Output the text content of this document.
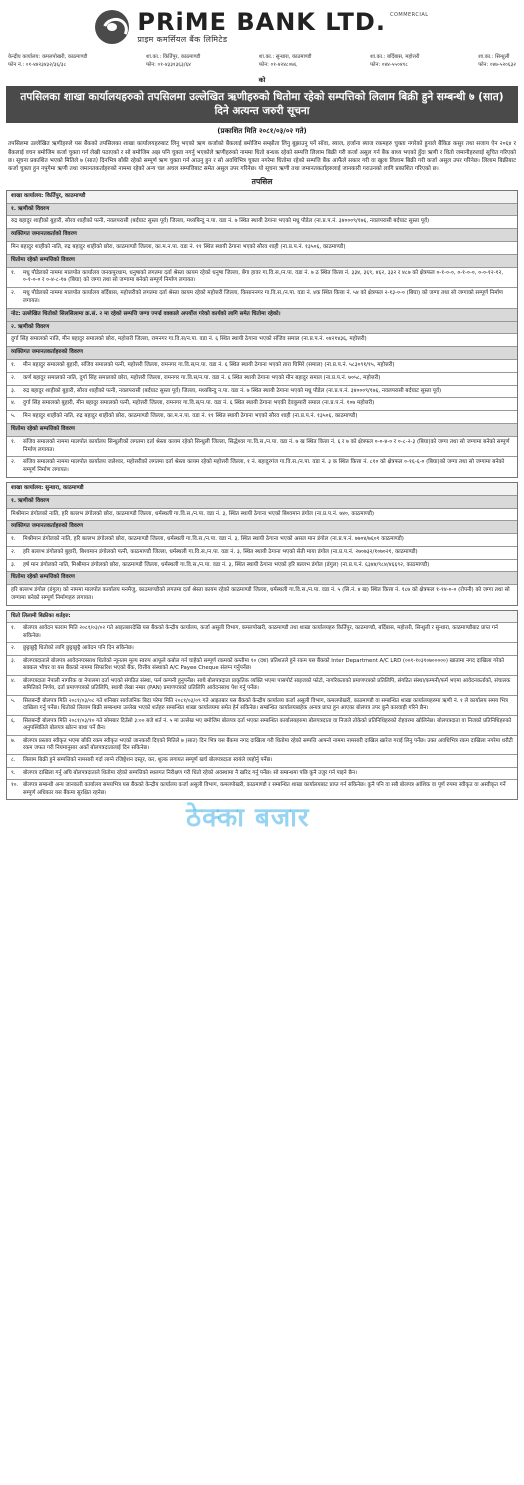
PRiME BANK LTD. COMMERCIAL
प्राइम कमर्सियल बैंक लिमिटेड
केन्द्रीय कार्यालय: कमलपोखरी, काठमाण्डौ
फोन नं.: ०१-४४२३४३२/३६/३८
शा.का.: किर्तिपुर, काठमाण्डौ
फोन: ०१-४३३१३६३/६४
शा.का.: सुन्धारा, काठमाण्डौ
फोन: ०१-४२४८०७६
शा.का.: बर्दिबास, महोत्तरी
फोन: ०४४-५५०४९८
शा.का.: सिन्धुली
फोन: ०४७-५२०६३२
को
तपसिलका शाखा कार्यालयहरुको तपसिलमा उल्लेखित ऋणीहरुको धितोमा रहेको सम्पत्तिको लिलाम बिक्री हुने सम्बन्धी ७ (सात) दिने अत्यन्त जरुरी सूचना
(प्रकाशित मिति २०८१/०३/०२ गते)
तपसिलमा उल्लेखित ऋणीहरुले यस बैंकको तपसिलका शाखा कार्यालयहरुबाट लिनु भएको ऋण कर्जाको बैंकलाई बमोजिम सम्झौता लिनु बुझाउनु पर्ने सॉवा, ब्याज, हर्जाना ब्याज रकमहरु चुक्ता नगरेको हुनाले बैंकिङ कसुर तथा सजाय ऐन २०६४ र बैंकलाई वचन बमोजिम कर्जा चुक्ता गर्न लेखी पठाएको र सो बमोजिम अझ पनि चुक्ता नगर्नु भएकोले ऋणीहरुको नाममा धितो बन्धक रहेको सम्पत्ति लिलाम बिक्री गरी कर्जा असुल गर्न बैंक बाध्य भएको हुँदा ऋणी र धितो जमानीहरुलाई सूचित गरिएको छ। सूचना प्रकाशित भएको मितिले ७ (सात) दिनभित्र बाँकी रहेको सम्पूर्ण ऋण चुक्ता गर्न आउनु हुन र सो अवधिभित्र चुक्ता नगरेमा धितोमा रहेको सम्पत्ति बैंक आफैंले सकार गरी वा खुला लिलाम बिक्री गरी कर्जा असुल उपर गरिनेछ। लिलाम बिक्रीबाट कर्जा चुक्ता हुन नपुगेमा ऋणी तथा जमानतकर्ताहरुको नाममा रहेको अन्य चल अचल सम्पत्तिबाट समेत असुल उपर गरिनेछ। यो सूचना ऋणी तथा जमानतकर्ताहरुलाई जानकारी गराउनको लागि प्रकाशित गरिएको छ।
तपसिल
शाखा कार्यालय: किर्तिपुर, काठमाण्डौ
१. ऋणीको विवरण
रुद्र बहादुर शाहीको बुहारी, सौरव शाहीको पत्नी, नवलपरासी (बर्दघाट सुस्ता पूर्व) जिल्ला, मध्यबिन्दु न.पा. वडा नं. ७ स्थित स्थायी ठेगाना भएको मधु पौडेल (ना.प्र.प.नं. ३४०००९/१७६, नवलपरासी बर्दघाट सुस्ता पूर्व)
व्यक्तिगत जमानतकर्ताको विवरण
मिन बहादुर शाहीको नाति, रुद्र बहादुर शाहीको छोरा, काठमाण्डौ जिल्ला, का.म.न.पा. वडा नं. ११ स्थित स्थायी ठेगाना भएको सौरव शाही (ना.प्र.प.नं. १३५०६, काठमाण्डौ)
धितोमा रहेको सम्पत्तिको विवरण
१.	मधु पौडेलको नाममा मालपोत कार्यालय जनकपुरधाम, धनुषाको लगतमा दर्ता श्रेस्ता कायम रहेको धनुषा जिल्ला, बेंगा हावर गा.वि.स./न.पा. वडा नं. ७ ठ स्थित कित्ता नं. ३३४, ३६९, ४६२, ३३२ र ४८७ को क्षेत्रफल ०-१-०-०, ०-१-०-०, ०-०-१२-१२, ०-१-०-० र ०-४-८-१७ (बिघा) को जग्गा तथा सो जग्गामा बनेको सम्पूर्ण निर्माण लगायत।
२.	मधु पौडेलको नाममा मालपोत कार्यालय बर्दिबास, महोत्तरीको लगतमा दर्ता श्रेस्ता कायम रहेको महोत्तरी जिल्ला, किसाननगर गा.वि.स./न.पा. वडा नं. ४क स्थित कित्ता नं. ५४ को क्षेत्रफल २-१३-०-० (बिघा) को जग्गा तथा सो जग्गाको सम्पूर्ण निर्माण लगायत।
नोट: उल्लेखित धितोको सिलसिलामा क्र.सं. २ मा रहेको सम्पत्ति जग्गा ज्नर्ज्र वक्काले अपर्योज गरेको कार्यको लागि समेत धितोमा रहेको।
२. ऋणीको विवरण
दुर्गा सिंह समालको नाति, मीन बहादुर समालको छोरा, महोत्तरी जिल्ला, रामनगर गा.वि.स/न.पा. वडा नं. ६ स्थित स्थायी ठेगाना भएको संजिव समाल (ना.प्र.प.नं. ०४२१४३६, महोत्तरी)
व्यक्तिगत जमानतकर्ताहरुको विवरण
१.	मीन बहादुर समालको बुहारी, संजिव समालको पत्नी, महोत्तरी जिल्ला, रामनगर गा.वि.स/न.पा. वडा नं. ६ स्थित स्थायी ठेगाना भएको तारा घिमिरे (समाल) (ना.प्र.प.नं. ५८३०९१/१५, महोत्तरी)
२.	कर्ण बहादुर समालको नाति, दुर्गा सिंह समालको छोरा, महोत्तरी जिल्ला, रामनगर गा.वि.स/न.पा. वडा नं. ६ स्थित स्थायी ठेगाना भएको मीन बहादुर समाल (ना.प्र.प.नं. ७०५८, महोत्तरी)
३.	रुद्र बहादुर शाहीको बुहारी, सौरव शाहीको पत्नी, नवलपरासी (बर्दघाट सुस्ता पूर्व) जिल्ला, मध्यबिन्दु न.पा. वडा नं. ७ स्थित स्थायी ठेगाना भएको मधु पौडेल (ना.प्र.प.नं. ३४०००९/१७६, नवलपरासी बर्दघाट सुस्ता पूर्व)
४.	दुर्गा सिंह समालको बुहारी, मीन बहादुर समालको पत्नी, महोत्तरी जिल्ला, रामनगर गा.वि.स/न.पा. वडा नं. ६ स्थित स्थायी ठेगाना भएकी देवकुमारी समाल (ना.प्र.प.नं. १०७ महोत्तरी)
५.	मिन बहादुर शाहीको नाति, रुद्र बहादुर शाहीको छोरा, काठमाण्डौ जिल्ला, का.म.न.पा. वडा नं. ११ स्थित स्थायी ठेगाना भएको सौरव शाही (ना.प्र.प.नं. १३५०६, काठमाण्डौ)
धितोमा रहेको सम्पत्तिको विवरण
१.	संजिव समालको नाममा मालपोत कार्यालय सिन्धुलीको लगतमा दर्ता श्रेस्ता कायम रहेको सिन्धुली जिल्ला, सिद्धेश्वर गा.वि.स./न.पा. वडा नं. ७ ख स्थित कित्ता नं. ६ र ७ को क्षेत्रफल ०-०-४-० र ०-८-२-३ (बिघा)को जग्गा तथा सो जग्गामा बनेको सम्पूर्ण निर्माण लगायत।
२.	संजिव समालको नाममा मालपोत कार्यालय जलेश्वर, महोत्तरीको लगतमा दर्ता श्रेस्ता कायम रहेको महोत्तरी जिल्ला, १ नं. बहादुरगंज गा.वि.स./न.पा. वडा नं. ३ क स्थित कित्ता नं. ८१० को क्षेत्रफल ०-१६-६-० (बिघा)को जग्गा तथा सो जग्गामा बनेको सम्पूर्ण निर्माण लगायत।
शाखा कार्यालय: सुन्धारा, काठमाण्डौ
१. ऋणीको विवरण
मिश्रीमान डंगोलको नाति, हरि बल्लभ डंगोलको छोरा, काठमाण्डौ जिल्ला, धर्मस्थली गा.वि.स./न.पा. वडा नं. ३, स्थित स्थायी ठेगाना भएको बिश्वमान डंगोल (ना.प्र.प.नं. ७४०, काठमाण्डौ)
व्यक्तिगत जमानतकर्ताहरुको विवरण
१.	मिश्रीमान डंगोलको नाति, हरि बल्लभ डंगोलको छोरा, काठमाण्डौ जिल्ला, धर्मस्थली गा.वि.स./न.पा. वडा नं. ३, स्थित स्थायी ठेगाना भएको असल मान डंगोल (ना.प्र.प.नं. ७७०४/७६०१ काठमाण्डौ)
२.	हरि बल्लभ डंगोलको बुहारी, बिश्वमान डंगोलको पत्नी, काठमाण्डौ जिल्ला, धर्मस्थली गा.वि.स./न.पा. वडा नं. ३, स्थित स्थायी ठेगाना भएको सेती माया डंगोल (ना.प्र.प.नं. २७०७३२/१०७०२१, काठमाण्डौ)
३.	हर्ष मान डंगोलको नाति, मिश्रीमान डंगोलको छोरा, काठमाण्डौ जिल्ला, धर्मस्थली गा.वि.स./न.पा. वडा नं. ३, स्थित स्थायी ठेगाना भएको हरि बल्लभ डंगोल (डंगुल) (ना.प्र.प.नं. ६३४४/९८४/४६६९२, काठमाण्डौ)
धितोमा रहेको सम्पत्तिको विवरण
हरि बल्लभ डंगोल (डंगुल) को नाममा मालपोत कार्यालय मनमैजु, काठमाण्डौको लगतमा दर्ता श्रेस्ता कायम रहेको काठमाण्डौ जिल्ला, धर्मस्थली गा.वि.स./न.पा. वडा नं. ५ (सि.नं. ४ ख) स्थित कित्ता नं. १८७ को क्षेत्रफल १-१४-०-० (रोपनी) को जग्गा तथा सो जग्गामा बनेको सम्पूर्ण निर्माणहरु लगायत।
धितो लिलामी बिक्रीका शर्तहरु:
१.	बोलपत्र आवेदन फाराम मिति २०८१/०३/०२ गते आइतबारदेखि यस बैंकको केन्द्रीय कार्यालय, कर्जा असुली विभाग, कमलपोखरी, काठमाण्डौ तथा शाखा कार्यालयहरु किर्तिपुर, काठमाण्डौ, बर्दिबास, महोत्तरी, सिन्धुली र सुन्धारा, काठमाण्डौबाट प्राप्त गर्न सकिनेछ।
२.	छुट्टाछुट्टै धितोको लागि छुट्टाछुट्टै आवेदन पनि दिन सकिनेछ।
३.	बोलपत्रदाताले बोलपत्र आवेदनपत्रसाथ धितोको न्यूनतम मूल्य स्वरुप आफूले कबोल गर्न चाहेको सम्पूर्ण रकमको कम्तीमा १० (दश) प्रतिशतले हुने रकम यस बैंकको Inter Department A/C LRD (००१-१०३१०७०००००) खातामा नगद दाखिला गरेको सक्कल भौचर वा यस बैंकको नाममा सिफारिश भएको बैंक, वित्तीय संस्थाको A/C Payee Cheque संलग्न गर्नुपर्नेछ।
४.	बोलपत्रदाता नेपाली नागरिक वा नेपालमा दर्ता भएको संगठित संस्था, फर्म कम्पनी हुनुपर्नेछ। साथै बोलपत्रदाता प्राकृतिक व्यक्ति भएमा पासपोर्ट साइजको फोटो, नागरिकताको प्रमाणपत्रको प्रतिलिपि, संगठित संस्था/कम्पनी/फर्म भएमा आवेदनकर्ताको, संचालक समितिको निर्णय, दर्ता प्रमाणपत्रको प्रतिलिपि, स्थायी लेखा नम्बर (PAN) प्रमाणपत्रको प्रतिलिपि आवेदनसाथ पेश गर्नु पर्नेछ।
५.	सिलबन्दी बोलपत्र मिति २०८१/०३/०८ गते शनिबार सार्वजनिक बिदा परेमा मिति २०८१/०३/०९ गते आइतबार यस बैंकको केन्द्रीय कार्यालय कर्जा असुली विभाग, कमलपोखरी, काठमाण्डौ वा सम्बन्धित शाखा कार्यालयहरुमा ऋणी नं. १ ले कार्यालय समय भित्र दाखिला गर्नु पर्नेछ। धितोको लिलाम बिक्री सम्बन्धमा उल्लेख भएको शर्तहरु सम्बन्धित शाखा कार्यालयमा समेत हेर्न सकिनेछ। सम्बन्धित कार्यालयबाहेक अन्यत्र प्राप्त हुन आएका बोलपत्र उपर कुनै कारवाही गरिने छैन।
६.	सिलबन्दी बोलपत्र मिति २०८१/०३/१० गते सोमबार दिउँसो ३:०० बजे शर्त नं. ५ मा उल्लेख भए बमोजिम बोलपत्र दर्ता भएका सम्बन्धित कार्यालयहरुमा बोलपत्रदाता वा निजले तोकेको प्रतिनिधिहरुको रोहवरमा खोलिनेछ। बोलपत्रदाता वा निजको प्रतिनिधिहरुको अनुपस्थितिले बोलपत्र खोल्न बाधा पर्ने छैन।
७.	बोलपत्र प्रस्ताव स्वीकृत भएमा बाँकी रकम स्वीकृत भएको जानकारी दिएको मितिले ७ (सात) दिन भित्र यस बैंकमा नगद दाखिला गरी धितोमा रहेको सम्पत्ति आफ्नो नाममा नामसारी दाखिल खारेज गराई लिनु पर्नेछ। उक्त अवधिभित्र रकम दाखिला नगरेमा धरौटी रकम जफत गरी नियमानुसार अर्को बोलपत्रदातालाई दिन सकिनेछ।
८.	लिलाम बिक्री हुने सम्पत्तिको नामसारी गर्दा लाग्ने रजिष्ट्रेशन दस्तुर, कर, शुल्क लगायत सम्पूर्ण खर्च बोलपत्रदाता स्वयंले व्यहोर्नु पर्नेछ।
९.	बोलपत्र दाखिला गर्नु अघि बोलपत्रदाताले धितोमा रहेको सम्पत्तिको स्थलगत निरीक्षण गरी धितो रहेको अवस्थामा नै खरिद गर्नु पर्नेछ। सो सम्बन्धमा पछि कुनै उजुर गर्न पाइने छैन।
१०. बोलपत्र सम्बन्धी अन्य जानकारी कार्यालय समयभित्र यस बैंकको केन्द्रीय कार्यालय कर्जा असुली विभाग, कमलपोखरी, काठमाण्डौ र सम्बन्धित शाखा कार्यालयबाट प्राप्त गर्न सकिनेछ। कुनै पनि वा सबै बोलपत्र आंशिक वा पूर्ण रुपमा स्वीकृत वा अस्वीकृत गर्ने सम्पूर्ण अधिकार यस बैंकमा सुरक्षित रहनेछ।
ठेक्का बजार
